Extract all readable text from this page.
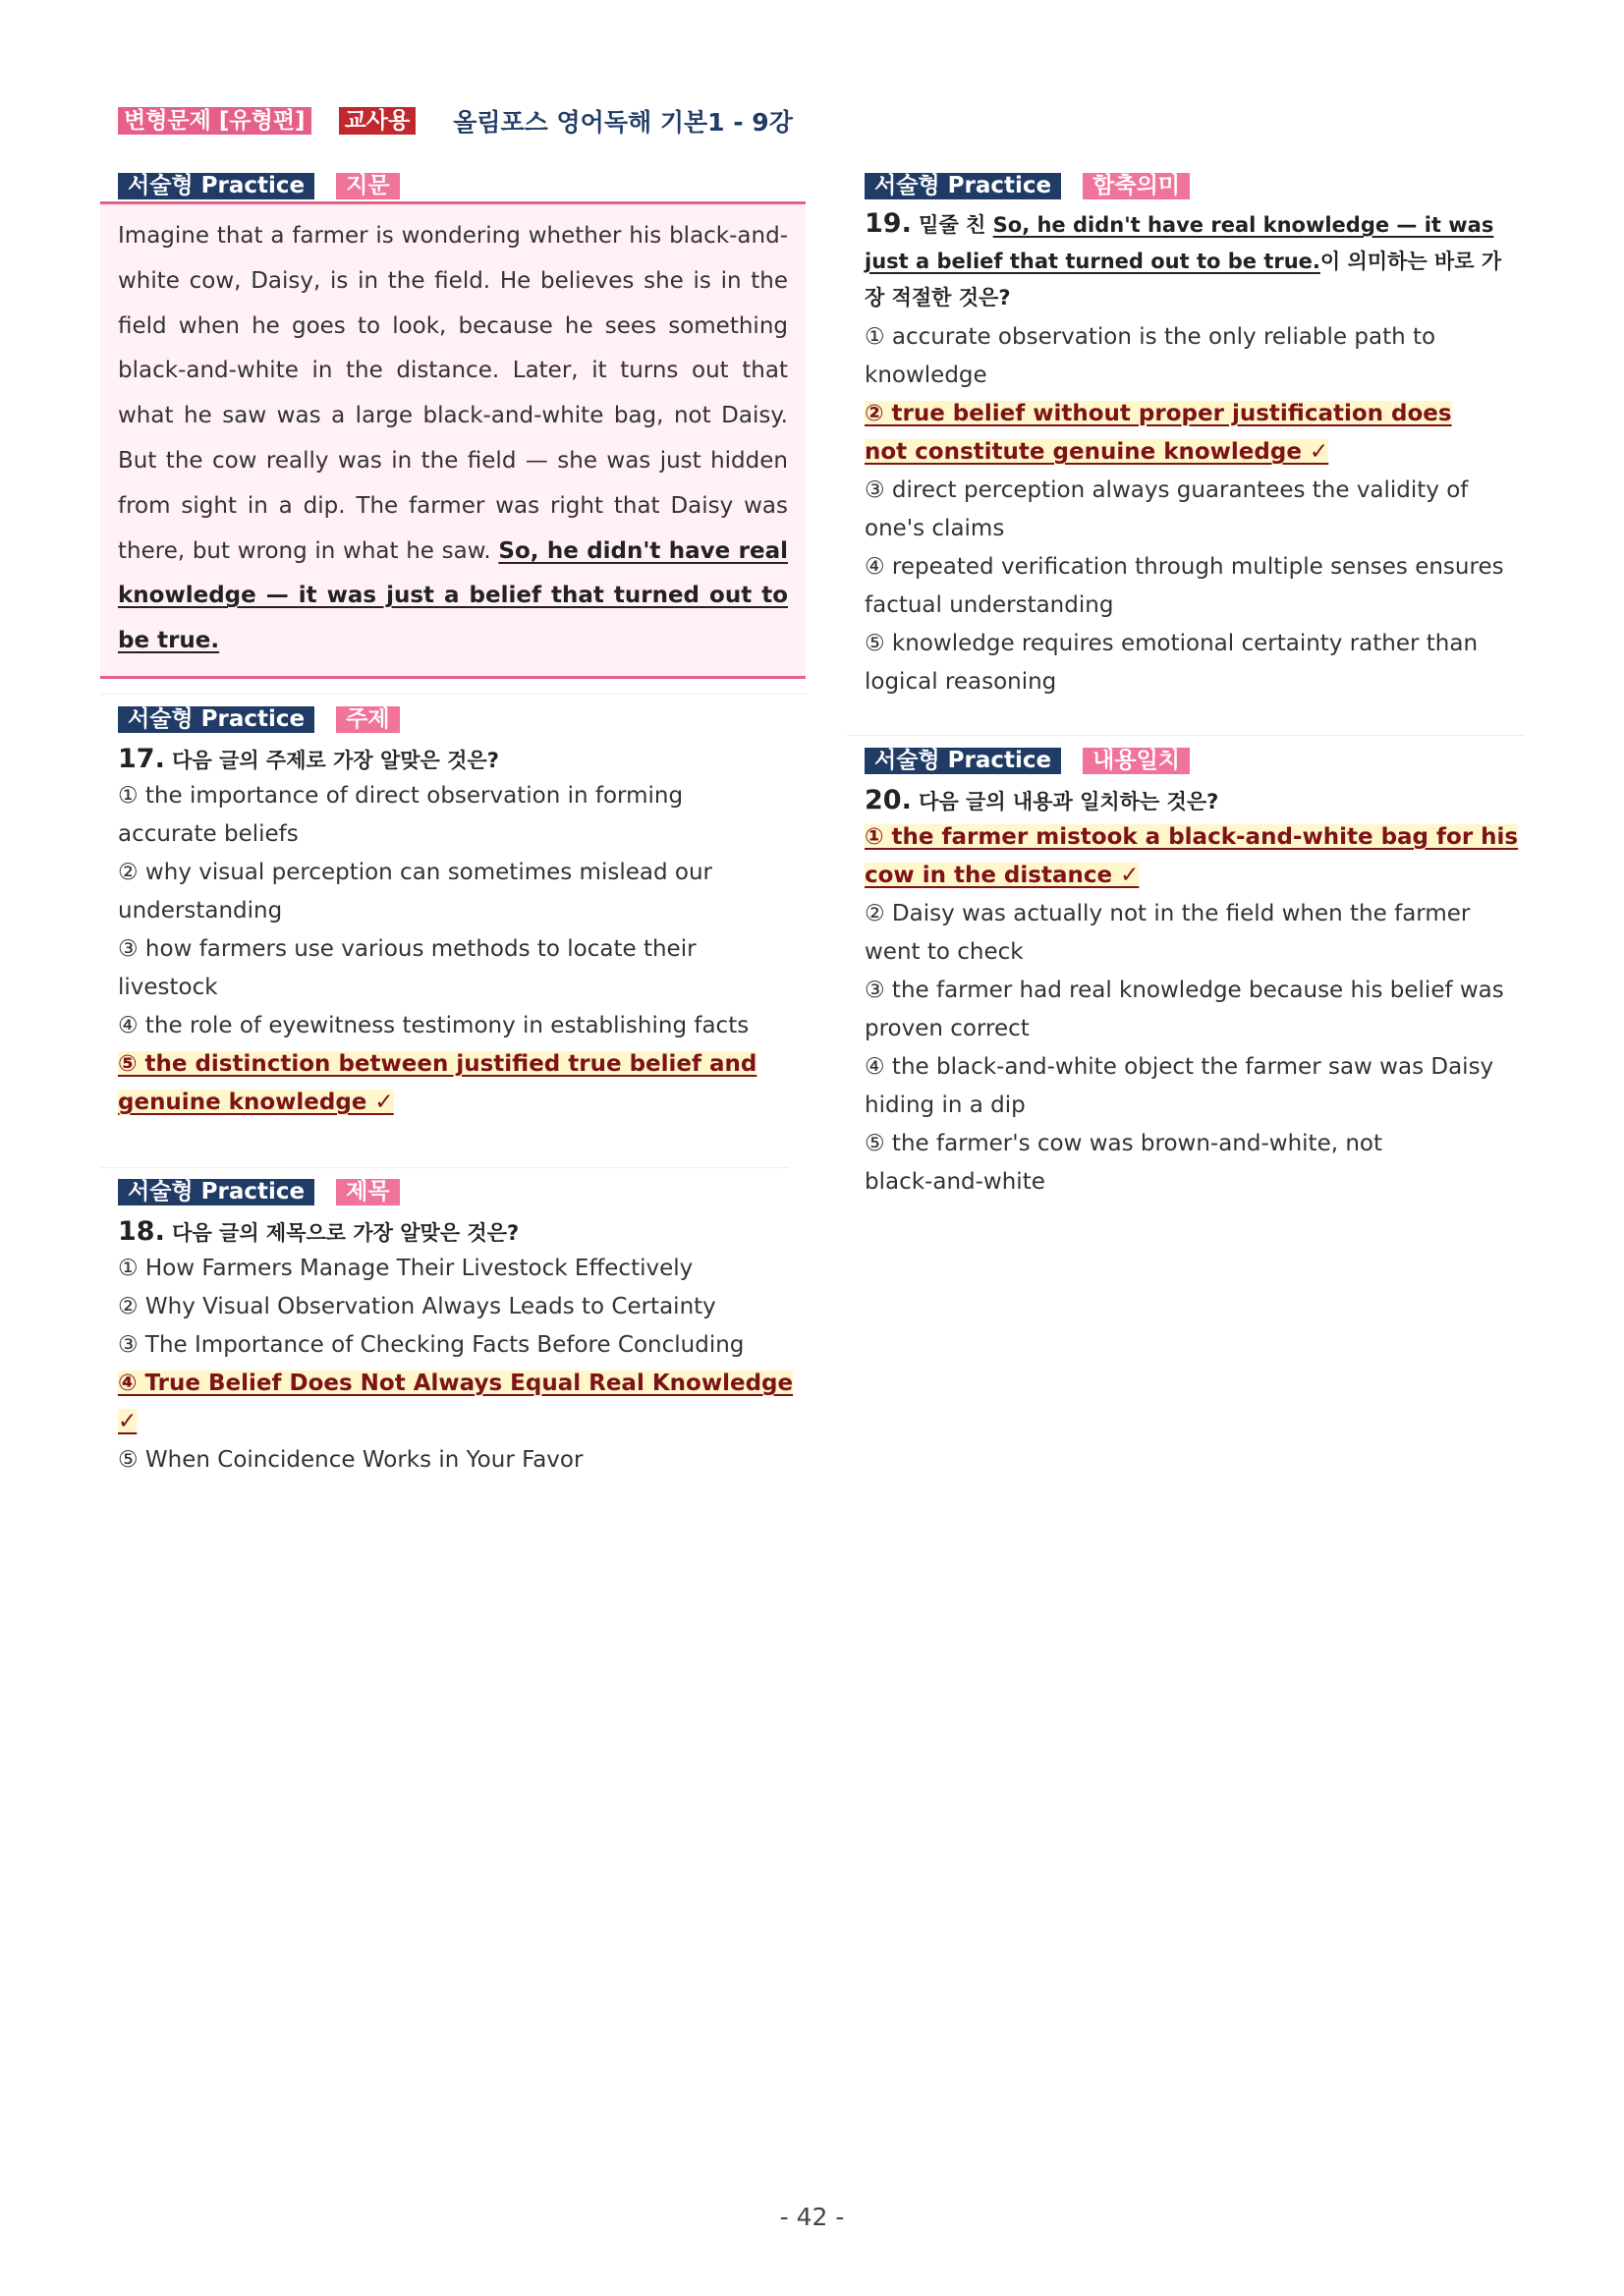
변형문제 [유형편] 교사용 올림포스 영어독해 기본1 - 9강
서술형 Practice	지문

Imagine that a farmer is wondering whether his black-and-white cow, Daisy, is in the field. He believes she is in the field when he goes to look, because he sees something black-and-white in the distance. Later, it turns out that what he saw was a large black-and-white bag, not Daisy. But the cow really was in the field — she was just hidden from sight in a dip. The farmer was right that Daisy was there, but wrong in what he saw. So, he didn't have real knowledge — it was just a belief that turned out to be true.

서술형 Practice	주제
17. 다음 글의 주제로 가장 알맞은 것은?
① the importance of direct observation in forming accurate beliefs
② why visual perception can sometimes mislead our understanding
③ how farmers use various methods to locate their livestock
④ the role of eyewitness testimony in establishing facts
⑤ the distinction between justified true belief and genuine knowledge ✓
서술형 Practice	제목
18. 다음 글의 제목으로 가장 알맞은 것은?
① How Farmers Manage Their Livestock Effectively
② Why Visual Observation Always Leads to Certainty
③ The Importance of Checking Facts Before Concluding
④ True Belief Does Not Always Equal Real Knowledge ✓
⑤ When Coincidence Works in Your Favor
서술형 Practice	함축의미
19. 밑줄 친 So, he didn't have real knowledge — it was just a belief that turned out to be true.이 의미하는 바로 가장 적절한 것은?
① accurate observation is the only reliable path to knowledge
② true belief without proper justification does not constitute genuine knowledge ✓
③ direct perception always guarantees the validity of one's claims
④ repeated verification through multiple senses ensures factual understanding
⑤ knowledge requires emotional certainty rather than logical reasoning
서술형 Practice	내용일치
20. 다음 글의 내용과 일치하는 것은?
① the farmer mistook a black-and-white bag for his cow in the distance ✓
② Daisy was actually not in the field when the farmer went to check
③ the farmer had real knowledge because his belief was proven correct
④ the black-and-white object the farmer saw was Daisy hiding in a dip
⑤ the farmer's cow was brown-and-white, not black-and-white
- 42 -
